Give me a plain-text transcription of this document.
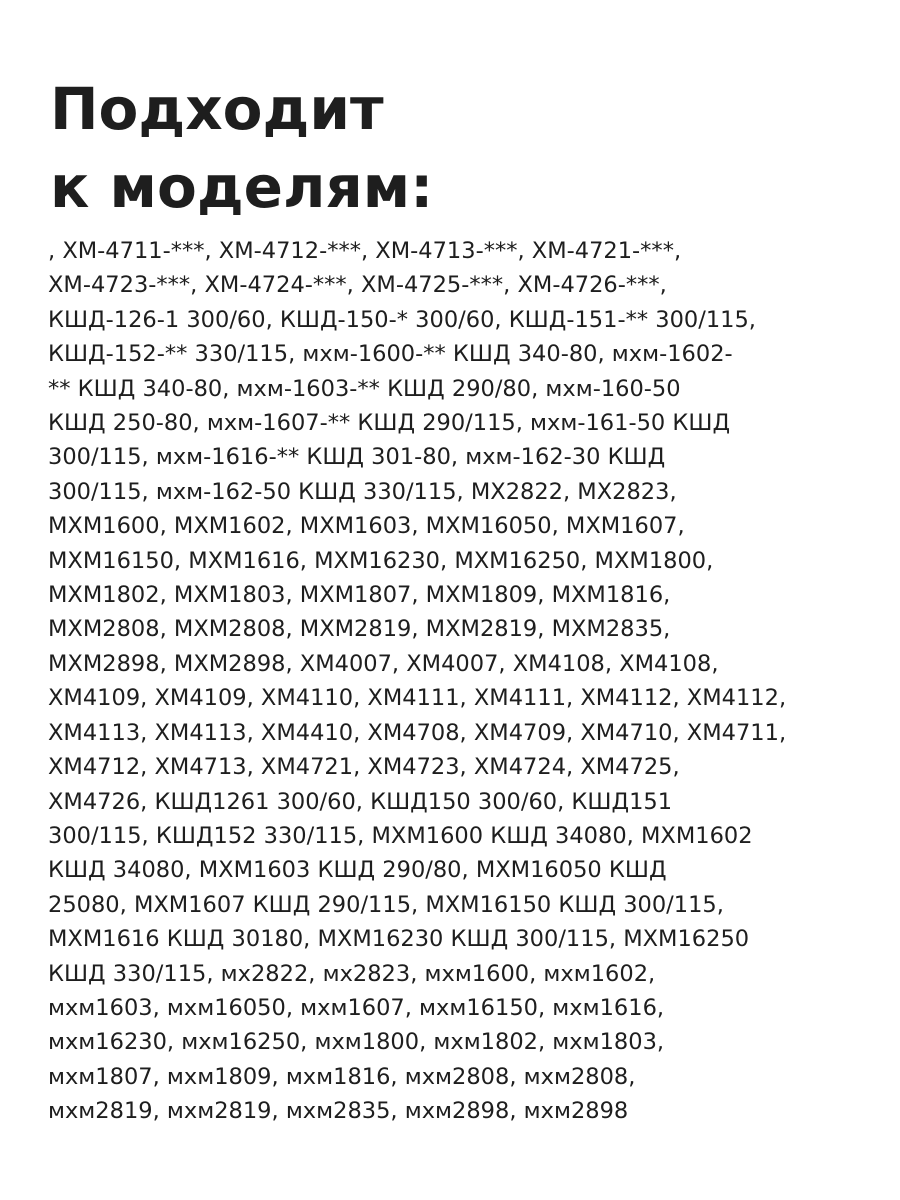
Подходит
к моделям:
, ХМ-4711-***, ХМ-4712-***, ХМ-4713-***, ХМ-4721-***,
ХМ-4723-***, ХМ-4724-***, ХМ-4725-***, ХМ-4726-***,
КШД-126-1 300/60, КШД-150-* 300/60, КШД-151-** 300/115,
КШД-152-** 330/115, мхм-1600-** КШД 340-80, мхм-1602-
** КШД 340-80, мхм-1603-** КШД 290/80, мхм-160-50
КШД 250-80, мхм-1607-** КШД 290/115, мхм-161-50 КШД
300/115, мхм-1616-** КШД 301-80, мхм-162-30 КШД
300/115, мхм-162-50 КШД 330/115, МХ2822, МХ2823,
МХМ1600, МХМ1602, МХМ1603, МХМ16050, МХМ1607,
МХМ16150, МХМ1616, МХМ16230, МХМ16250, МХМ1800,
МХМ1802, МХМ1803, МХМ1807, МХМ1809, МХМ1816,
МХМ2808, МХМ2808, МХМ2819, МХМ2819, МХМ2835,
МХМ2898, МХМ2898, ХМ4007, ХМ4007, ХМ4108, ХМ4108,
ХМ4109, ХМ4109, ХМ4110, ХМ4111, ХМ4111, ХМ4112, ХМ4112,
ХМ4113, ХМ4113, ХМ4410, ХМ4708, ХМ4709, ХМ4710, ХМ4711,
ХМ4712, ХМ4713, ХМ4721, ХМ4723, ХМ4724, ХМ4725,
ХМ4726, КШД1261 300/60, КШД150 300/60, КШД151
300/115, КШД152 330/115, МХМ1600 КШД 34080, МХМ1602
КШД 34080, МХМ1603 КШД 290/80, МХМ16050 КШД
25080, МХМ1607 КШД 290/115, МХМ16150 КШД 300/115,
МХМ1616 КШД 30180, МХМ16230 КШД 300/115, МХМ16250
КШД 330/115, мх2822, мх2823, мхм1600, мхм1602,
мхм1603, мхм16050, мхм1607, мхм16150, мхм1616,
мхм16230, мхм16250, мхм1800, мхм1802, мхм1803,
мхм1807, мхм1809, мхм1816, мхм2808, мхм2808,
мхм2819, мхм2819, мхм2835, мхм2898, мхм2898
